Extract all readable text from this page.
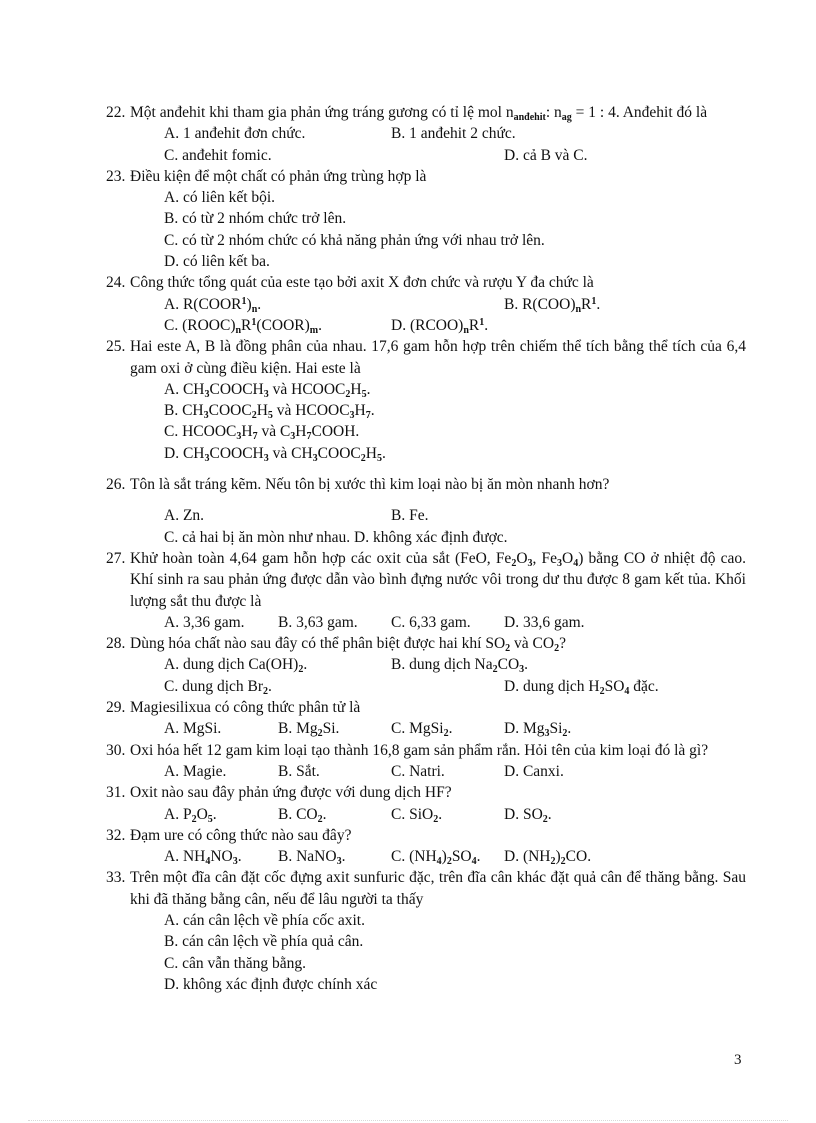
22. Một anđehit khi tham gia phản ứng tráng gương có tỉ lệ mol $n_{anđehit}$: $n_{ag} = 1$ : 4. Anđehit đó là
A. 1 anđehit đơn chức.	B. 1 anđehit 2 chức.
C. anđehit fomic.	D. cả B và C.
23. Điều kiện để một chất có phản ứng trùng hợp là
A. có liên kết bội.
B. có từ 2 nhóm chức trở lên.
C. có từ 2 nhóm chức có khả năng phản ứng với nhau trở lên.
D. có liên kết ba.
24. Công thức tổng quát của este tạo bởi axit X đơn chức và rượu Y đa chức là
A. $R(COOR^1)_n$.	B. $R(COO)_nR^1$.
C. $(ROOC)_nR^1(COOR)_m$.	D. $(RCOO)_nR^1$.
25. Hai este A, B là đồng phân của nhau. 17,6 gam hỗn hợp trên chiếm thể tích bằng thể tích của 6,4 gam oxi ở cùng điều kiện. Hai este là
A. $CH_3COOCH_3$ và $HCOOC_2H_5$.
B. $CH_3COOC_2H_5$ và $HCOOC_3H_7$.
C. $HCOOC_3H_7$ và $C_3H_7COOH$.
D. $CH_3COOCH_3$ và $CH_3COOC_2H_5$.
26. Tôn là sắt tráng kẽm. Nếu tôn bị xước thì kim loại nào bị ăn mòn nhanh hơn?
A. Zn.	B. Fe.
C. cả hai bị ăn mòn như nhau. D. không xác định được.
27. Khử hoàn toàn 4,64 gam hỗn hợp các oxit của sắt (FeO, $Fe_2O_3$, $Fe_3O_4$) bằng CO ở nhiệt độ cao. Khí sinh ra sau phản ứng được dẫn vào bình đựng nước vôi trong dư thu được 8 gam kết tủa. Khối lượng sắt thu được là
A. 3,36 gam. B. 3,63 gam. C. 6,33 gam. D. 33,6 gam.
28. Dùng hóa chất nào sau đây có thể phân biệt được hai khí $SO_2$ và $CO_2$?
A. dung dịch $Ca(OH)_2$.	B. dung dịch $Na_2CO_3$.
C. dung dịch $Br_2$.	D. dung dịch $H_2SO_4$ đặc.
29. Magiesilixua có công thức phân tử là
A. MgSi.	B. $Mg_2Si$.	C. MgSi$_2$.	D. $Mg_3Si_2$.
30. Oxi hóa hết 12 gam kim loại tạo thành 16,8 gam sản phẩm rắn. Hỏi tên của kim loại đó là gì?
A. Magie.	B. Sắt.	C. Natri.	D. Canxi.
31. Oxit nào sau đây phản ứng được với dung dịch HF?
A. $P_2O_5$.	B. $CO_2$.	C. SiO$_2$.	D. $SO_2$.
32. Đạm ure có công thức nào sau đây?
A. $NH_4NO_3$. B. NaNO$_3$.	C. $(NH_4)_2SO_4$. D. $(NH_2)_2CO$.
33. Trên một đĩa cân đặt cốc đựng axit sunfuric đặc, trên đĩa cân khác đặt quả cân để thăng bằng. Sau khi đã thăng bằng cân, nếu để lâu người ta thấy
A. cán cân lệch về phía cốc axit.
B. cán cân lệch về phía quả cân.
C. cân vẫn thăng bằng.
D. không xác định được chính xác
3
